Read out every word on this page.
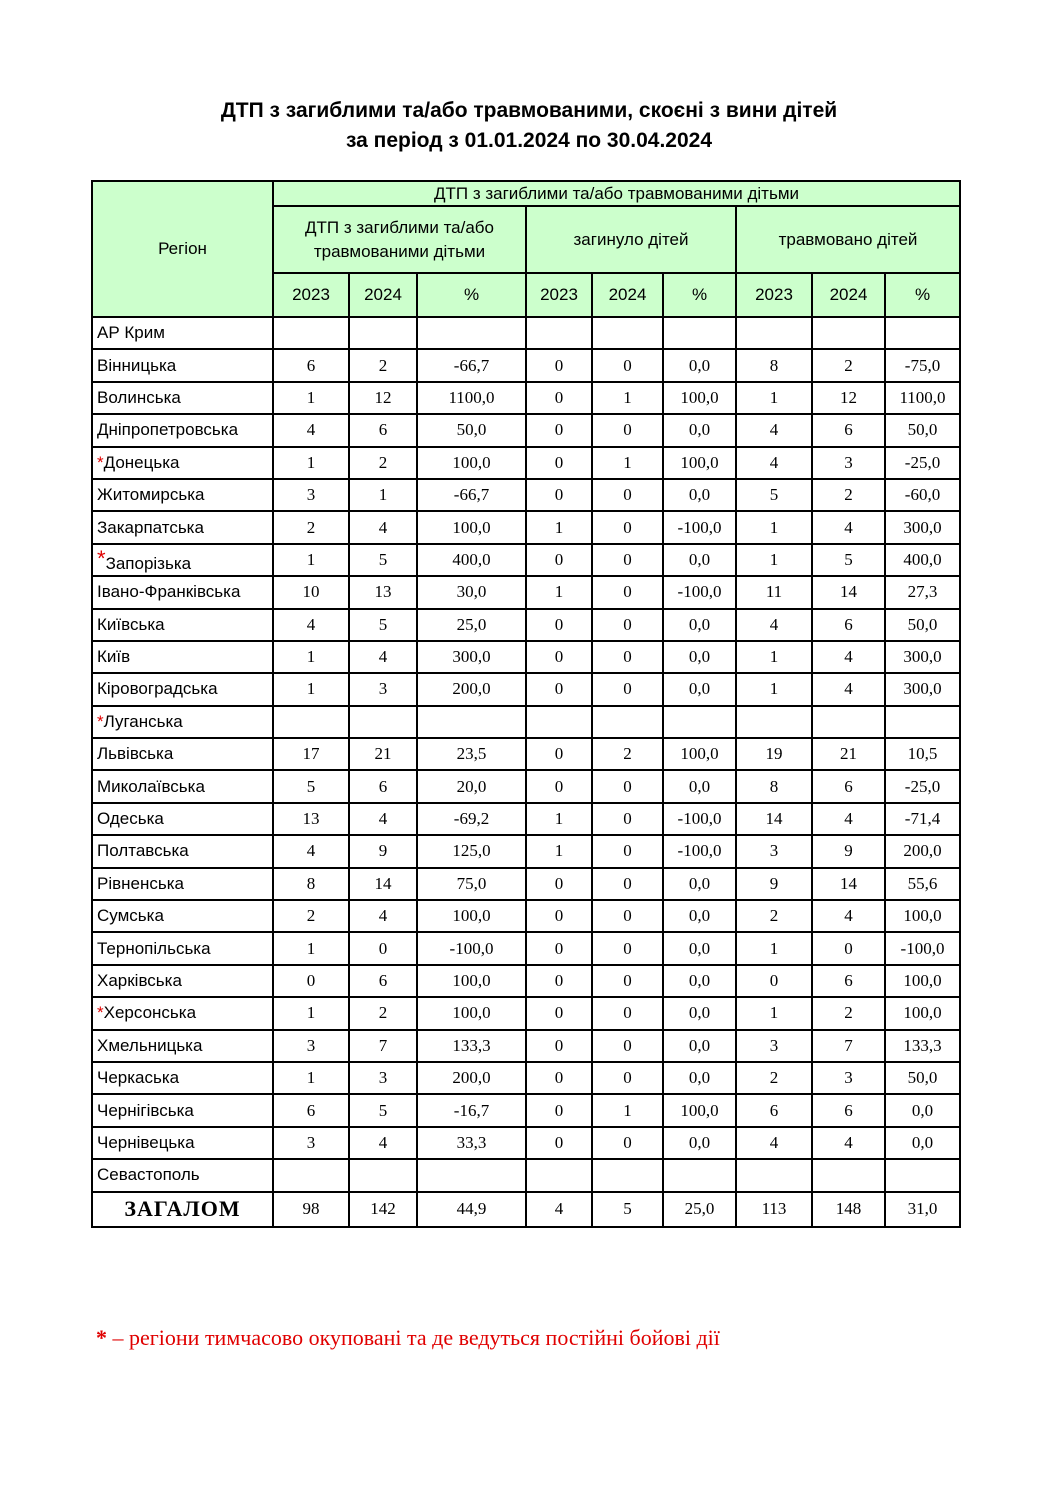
ДТП з загиблими та/або травмованими, скоєні з вини дітей
за період з 01.01.2024 по 30.04.2024
Регіон	ДТП з загиблими та/або травмованими дітьми								
	ДТП з загиблими та/або травмованими дітьми			загинуло дітей			травмовано дітей		
	2023	2024	%	2023	2024	%	2023	2024	%
АР Крим									
Вінницька	6	2	-66,7	0	0	0,0	8	2	-75,0
Волинська	1	12	1100,0	0	1	100,0	1	12	1100,0
Дніпропетровська	4	6	50,0	0	0	0,0	4	6	50,0
*Донецька	1	2	100,0	0	1	100,0	4	3	-25,0
Житомирська	3	1	-66,7	0	0	0,0	5	2	-60,0
Закарпатська	2	4	100,0	1	0	-100,0	1	4	300,0
*Запорізька	1	5	400,0	0	0	0,0	1	5	400,0
Івано-Франківська	10	13	30,0	1	0	-100,0	11	14	27,3
Київська	4	5	25,0	0	0	0,0	4	6	50,0
Київ	1	4	300,0	0	0	0,0	1	4	300,0
Кіровоградська	1	3	200,0	0	0	0,0	1	4	300,0
*Луганська									
Львівська	17	21	23,5	0	2	100,0	19	21	10,5
Миколаївська	5	6	20,0	0	0	0,0	8	6	-25,0
Одеська	13	4	-69,2	1	0	-100,0	14	4	-71,4
Полтавська	4	9	125,0	1	0	-100,0	3	9	200,0
Рівненська	8	14	75,0	0	0	0,0	9	14	55,6
Сумська	2	4	100,0	0	0	0,0	2	4	100,0
Тернопільська	1	0	-100,0	0	0	0,0	1	0	-100,0
Харківська	0	6	100,0	0	0	0,0	0	6	100,0
*Херсонська	1	2	100,0	0	0	0,0	1	2	100,0
Хмельницька	3	7	133,3	0	0	0,0	3	7	133,3
Черкаська	1	3	200,0	0	0	0,0	2	3	50,0
Чернігівська	6	5	-16,7	0	1	100,0	6	6	0,0
Чернівецька	3	4	33,3	0	0	0,0	4	4	0,0
Севастополь									
ЗАГАЛОМ	98	142	44,9	4	5	25,0	113	148	31,0
* – регіони тимчасово окуповані та де ведуться постійні бойові дії
